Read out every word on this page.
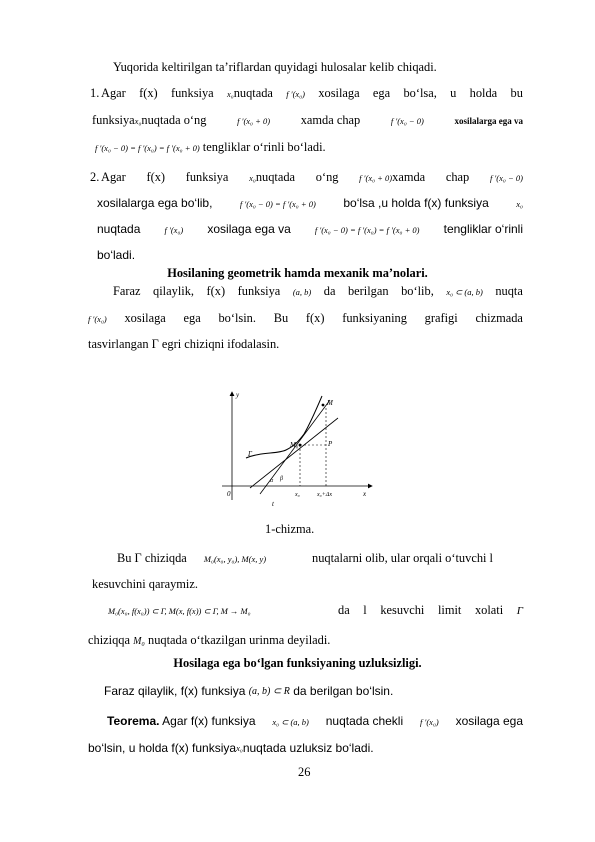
Yuqorida keltirilgan ta’riflardan quyidagi hulosalar kelib chiqadi.
1. Agar f(x) funksiya x₀nuqtada f ′(x₀) xosilaga ega bo‘lsa, u holda bu
funksiyax₀nuqtada o‘ng	f ′(x₀ + 0) xamda chap	f ′(x₀ − 0)	xosilalarga ega va
f ′(x₀ − 0) = f ′(x₀) = f ′(x₀ + 0) tengliklar o‘rinli bo‘ladi.
2. Agar f(x) funksiya x₀nuqtada o‘ng f ′(x₀ + 0)xamda chap f ′(x₀ − 0)
xosilalarga ega bo‘lib,	f ′(x₀ − 0) = f ′(x₀ + 0) bo‘lsa ,u holda f(x) funksiya	x₀
nuqtada	f ′(x₀) xosilaga ega va	f ′(x₀ − 0) = f ′(x₀) = f ′(x₀ + 0) tengliklar o‘rinli
bo‘ladi.
Hosilaning geometrik hamda mexanik ma’nolari.
Faraz qilaylik, f(x) funksiya (a, b) da berilgan bo‘lib, x₀ ⊂ (a, b) nuqta
f ′(x₀) xosilaga ega bo‘lsin. Bu f(x) funksiyaning grafigi chizmada
tasvirlangan Γ egri chiziqni ifodalasin.
y
x
0
M
M₀	P
Γ
α β
t
x₀	x₀+Δx
1-chizma.
Bu Γ chiziqda M₀(x₀, y₀), M(x, y)	nuqtalarni olib, ular orqali o‘tuvchi l
kesuvchini qaraymiz.
M₀(x₀, f(x₀)) ⊂ Γ, M(x, f(x)) ⊂ Γ, M → M₀	da l kesuvchi limit xolati Γ
chiziqqa M₀ nuqtada o‘tkazilgan urinma deyiladi.
Hosilaga ega bo‘lgan funksiyaning uzluksizligi.
Faraz qilaylik, f(x) funksiya (a, b) ⊂ R da berilgan bo‘lsin.
Teorema. Agar f(x) funksiya x₀ ⊂ (a, b) nuqtada chekli f ′(x₀) xosilaga ega
bo‘lsin, u holda f(x) funksiyax₀nuqtada uzluksiz bo‘ladi.
26
